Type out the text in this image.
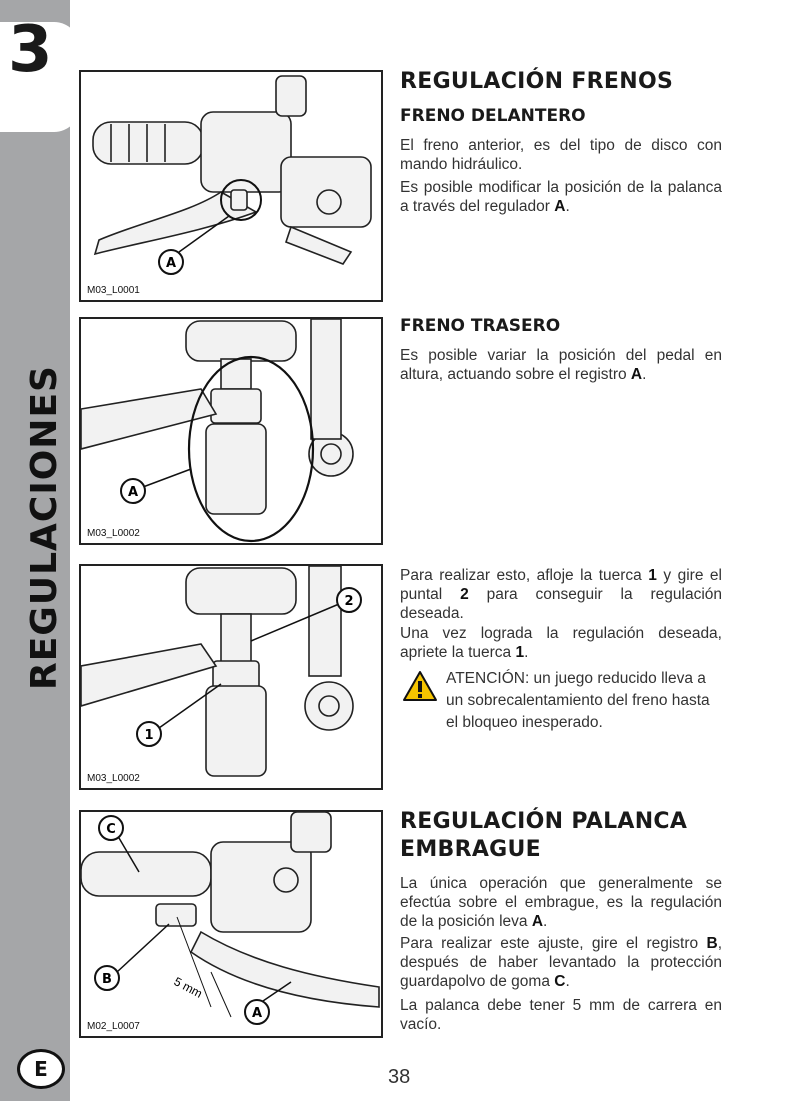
3
REGULACIONES
E
A
M03_L0001
A
M03_L0002
2
1
M03_L0002
C
B
A
5 mm
M02_L0007
REGULACIÓN FRENOS
FRENO DELANTERO

El freno anterior, es del tipo de disco con mando hidráulico.

Es posible modificar la posición de la palanca a través del regulador A.

FRENO TRASERO

Es posible variar la posición del pedal en altura, actuando sobre el registro A.

Para realizar esto, afloje la tuerca 1 y gire el puntal 2 para conseguir la regulación deseada.

Una vez lograda la regulación deseada, apriete la tuerca 1.

ATENCIÓN: un juego reducido lleva a un sobrecalentamiento del freno hasta el bloqueo inesperado.
REGULACIÓN PALANCA
EMBRAGUE

La única operación que generalmente se efectúa sobre el embrague, es la regulación de la posición leva A.

Para realizar este ajuste, gire el registro B, después de haber levantado la protección guardapolvo de goma C.

La palanca debe tener 5 mm de carrera en vacío.

38
